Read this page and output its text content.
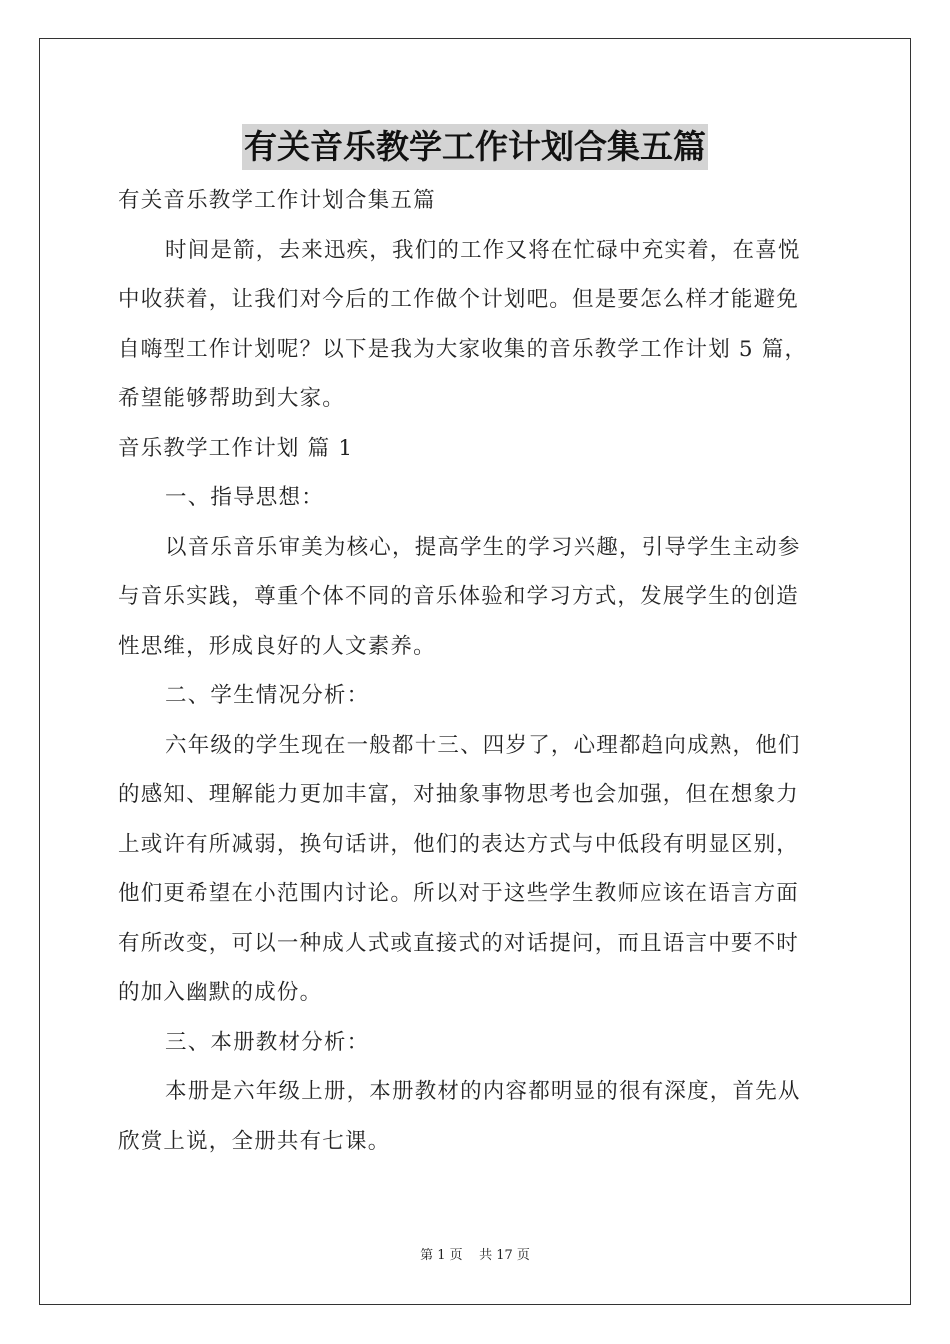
有关音乐教学工作计划合集五篇

有关音乐教学工作计划合集五篇

时间是箭，去来迅疾，我们的工作又将在忙碌中充实着，在喜悦

中收获着，让我们对今后的工作做个计划吧。但是要怎么样才能避免

自嗨型工作计划呢？以下是我为大家收集的音乐教学工作计划 5 篇，

希望能够帮助到大家。

音乐教学工作计划 篇 1

一、指导思想：

以音乐音乐审美为核心，提高学生的学习兴趣，引导学生主动参

与音乐实践，尊重个体不同的音乐体验和学习方式，发展学生的创造

性思维，形成良好的人文素养。

二、学生情况分析：

六年级的学生现在一般都十三、四岁了，心理都趋向成熟，他们

的感知、理解能力更加丰富，对抽象事物思考也会加强，但在想象力

上或许有所减弱，换句话讲，他们的表达方式与中低段有明显区别，

他们更希望在小范围内讨论。所以对于这些学生教师应该在语言方面

有所改变，可以一种成人式或直接式的对话提问，而且语言中要不时

的加入幽默的成份。

三、本册教材分析：

本册是六年级上册，本册教材的内容都明显的很有深度，首先从

欣赏上说，全册共有七课。

第 1 页    共 17 页
